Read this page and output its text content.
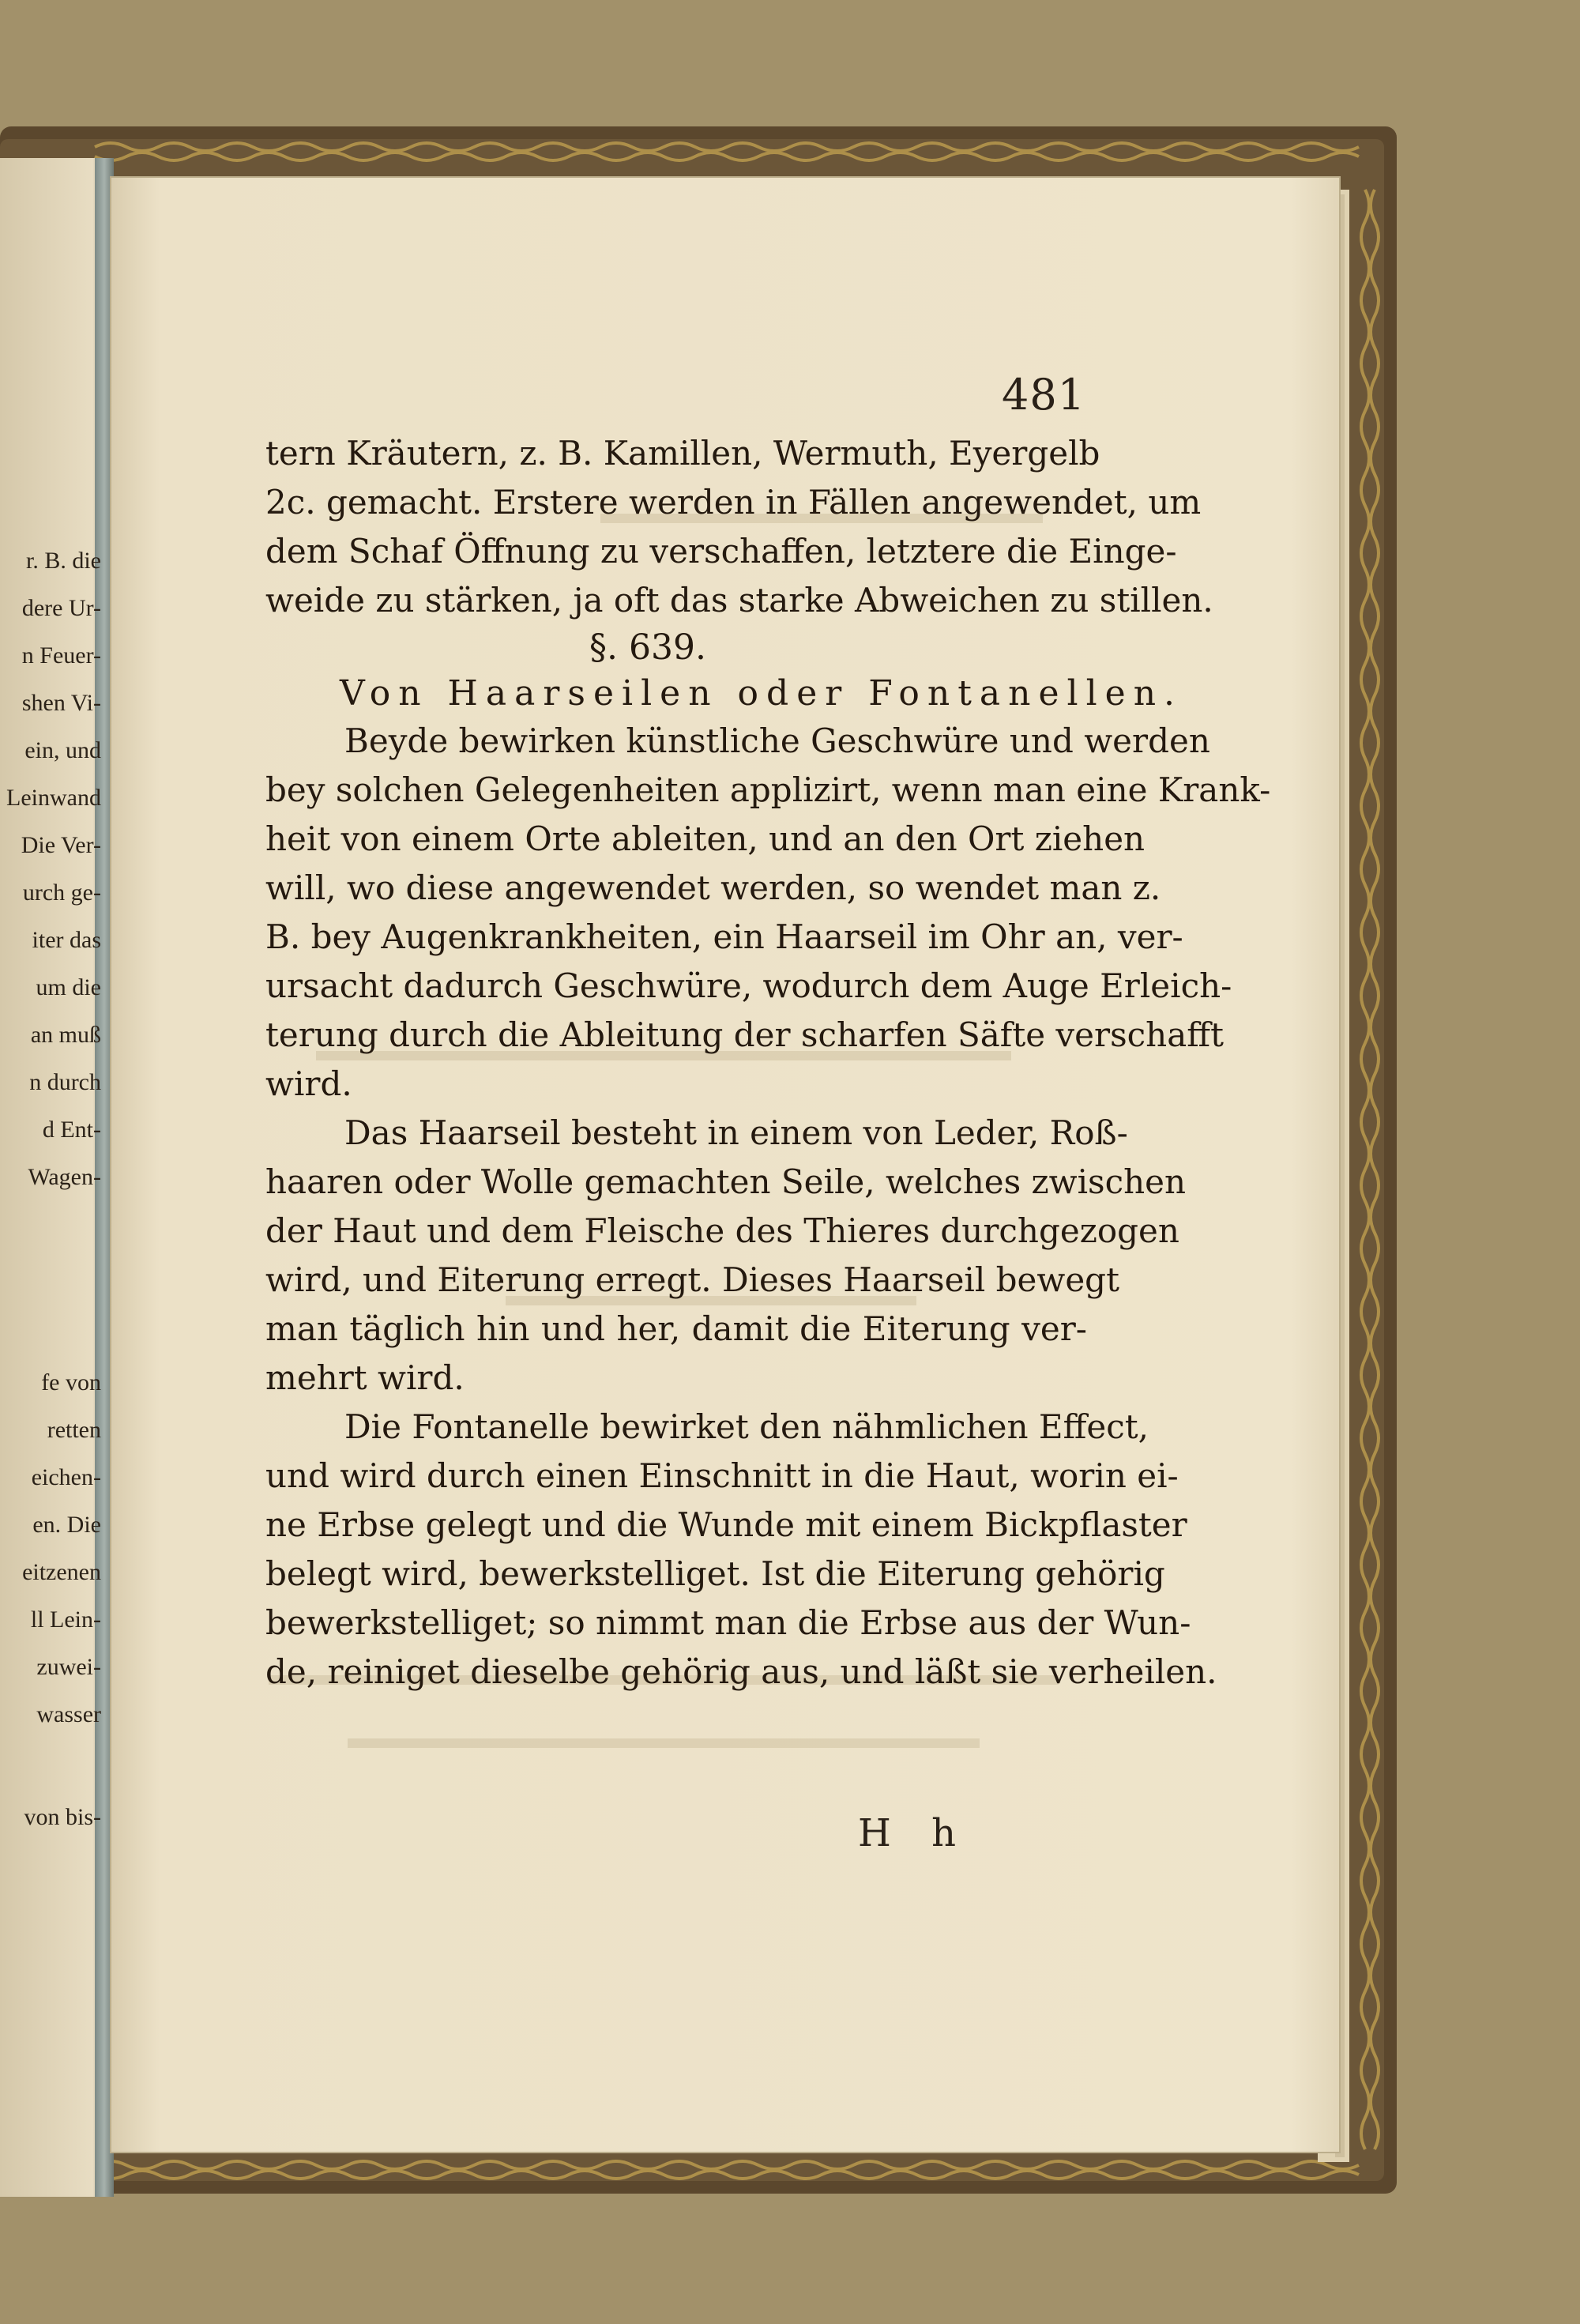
r. B. die
dere Ur-
n Feuer-
shen Vi-
ein, und
Leinwand
Die Ver-
urch ge-
iter das
um die
an muß
n durch
d Ent-
Wagen-
fe von
retten
eichen-
en. Die
eitzenen
ll Lein-
zuwei-
wasser
von bis-
481
tern Kräutern, z. B. Kamillen, Wermuth, Eyergelb
2c. gemacht. Erstere werden in Fällen angewendet, um
dem Schaf Öffnung zu verschaffen, letztere die Einge-
weide zu stärken, ja oft das starke Abweichen zu stillen.
§. 639.
Von Haarseilen oder Fontanellen.
Beyde bewirken künstliche Geschwüre und werden
bey solchen Gelegenheiten applizirt, wenn man eine Krank-
heit von einem Orte ableiten, und an den Ort ziehen
will, wo diese angewendet werden, so wendet man z.
B. bey Augenkrankheiten, ein Haarseil im Ohr an, ver-
ursacht dadurch Geschwüre, wodurch dem Auge Erleich-
terung durch die Ableitung der scharfen Säfte verschafft
wird.
Das Haarseil besteht in einem von Leder, Roß-
haaren oder Wolle gemachten Seile, welches zwischen
der Haut und dem Fleische des Thieres durchgezogen
wird, und Eiterung erregt. Dieses Haarseil bewegt
man täglich hin und her, damit die Eiterung ver-
mehrt wird.
Die Fontanelle bewirket den nähmlichen Effect,
und wird durch einen Einschnitt in die Haut, worin ei-
ne Erbse gelegt und die Wunde mit einem Bickpflaster
belegt wird, bewerkstelliget. Ist die Eiterung gehörig
bewerkstelliget; so nimmt man die Erbse aus der Wun-
de, reiniget dieselbe gehörig aus, und läßt sie verheilen.
H h
